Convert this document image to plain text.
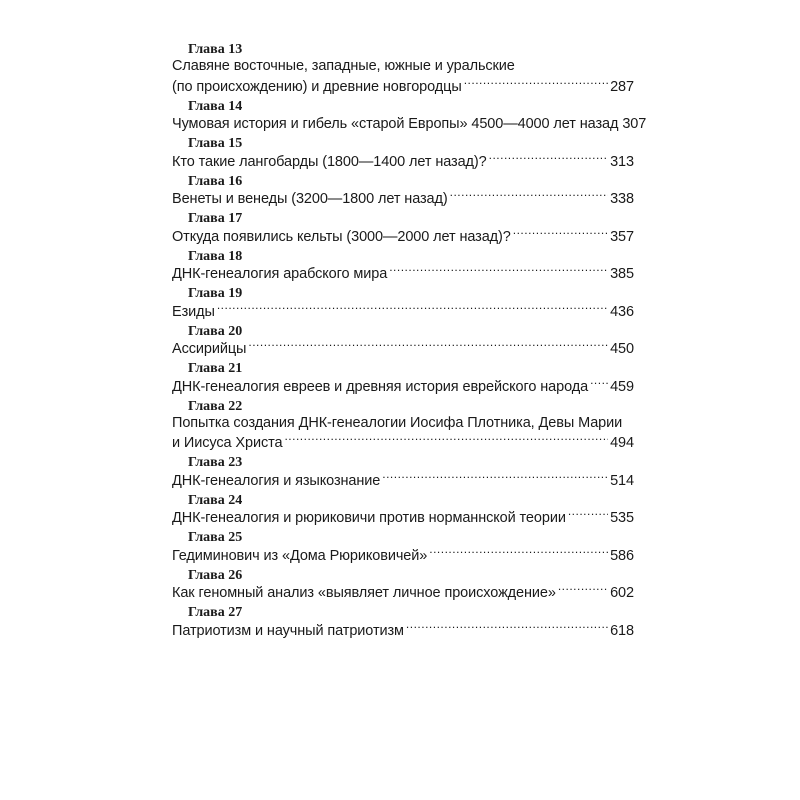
Глава 13
Славяне восточные, западные, южные и уральские
(по происхождению) и древние новгородцы .....	287
Глава 14
Чумовая история и гибель «старой Европы» 4500—4000 лет назад 307
Глава 15
Кто такие лангобарды (1800—1400 лет назад)? .....	313
Глава 16
Венеты и венеды (3200—1800 лет назад) .....	338
Глава 17
Откуда появились кельты (3000—2000 лет назад)? .....	357
Глава 18
ДНК-генеалогия арабского мира .....	385
Глава 19
Езиды .....	436
Глава 20
Ассирийцы .....	450
Глава 21
ДНК-генеалогия евреев и древняя история еврейского народа ..... 459
Глава 22
Попытка создания ДНК-генеалогии Иосифа Плотника, Девы Марии
и Иисуса Христа .....	494
Глава 23
ДНК-генеалогия и языкознание .....	514
Глава 24
ДНК-генеалогия и рюриковичи против норманнской теории .....	535
Глава 25
Гедиминович из «Дома Рюриковичей» .....	586
Глава 26
Как геномный анализ «выявляет личное происхождение» .....	602
Глава 27
Патриотизм и научный патриотизм .....	618
